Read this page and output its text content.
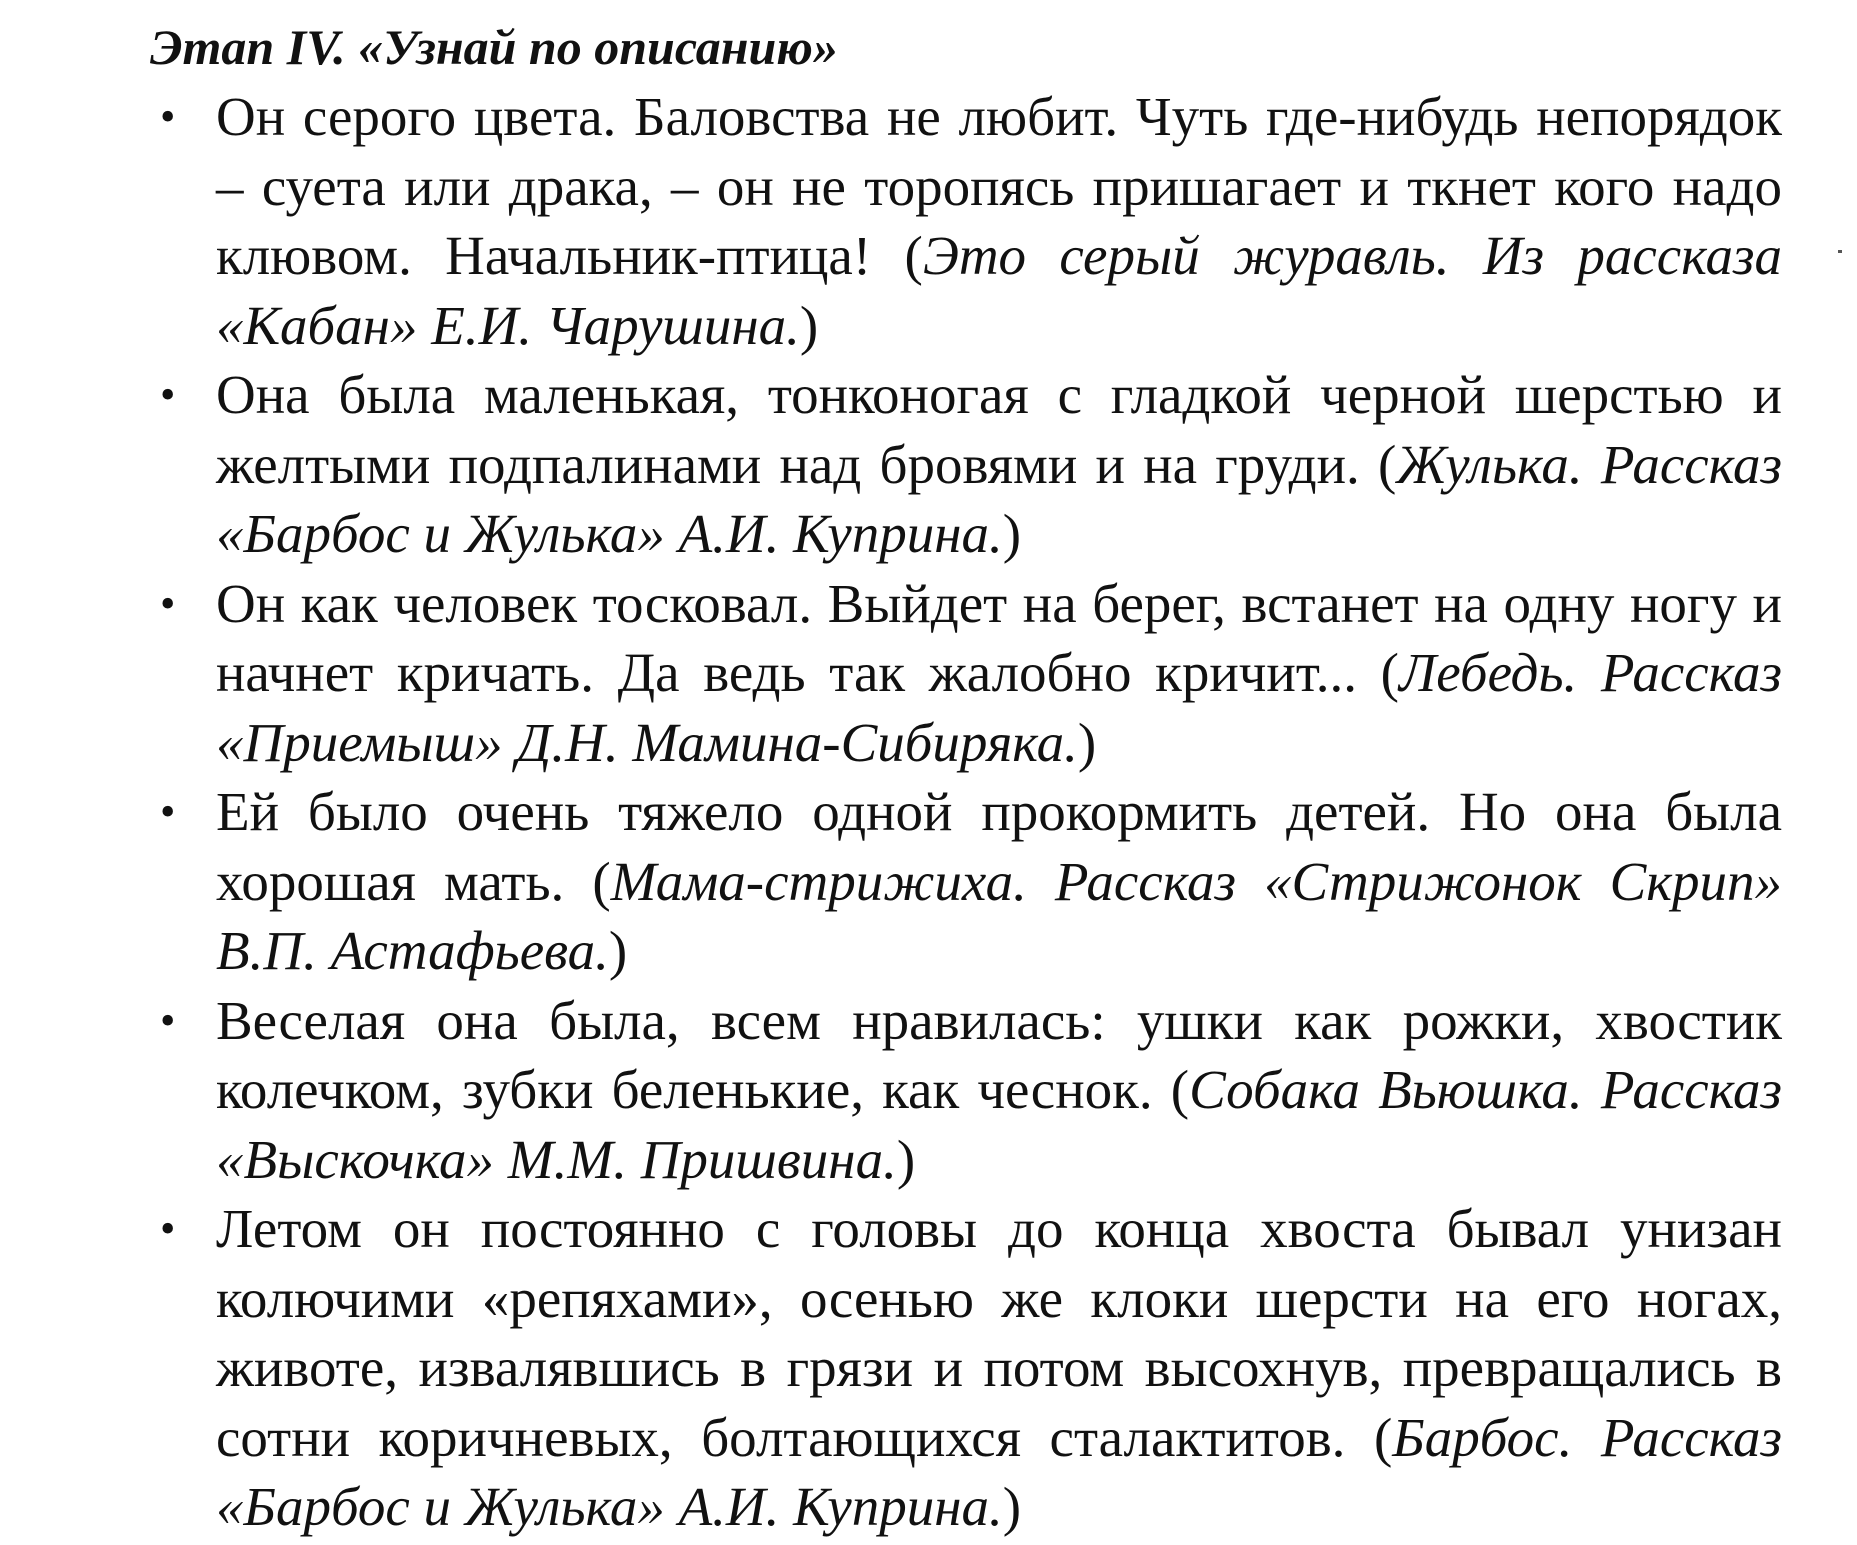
Этап IV. «Узнай по описанию»
• Он серого цвета. Баловства не любит. Чуть где-нибудь непорядок – суета или драка, – он не торопясь пришагает и ткнет кого надо клювом. Начальник-птица! (Это серый журавль. Из рассказа «Кабан» Е.И. Чарушина.)
• Она была маленькая, тонконогая с гладкой черной шерстью и желтыми подпалинами над бровями и на груди. (Жулька. Рассказ «Барбос и Жулька» А.И. Куприна.)
• Он как человек тосковал. Выйдет на берег, встанет на одну ногу и начнет кричать. Да ведь так жалобно кричит... (Лебедь. Рассказ «Приемыш» Д.Н. Мамина-Сибиряка.)
• Ей было очень тяжело одной прокормить детей. Но она была хорошая мать. (Мама-стрижиха. Рассказ «Стрижонок Скрип» В.П. Астафьева.)
• Веселая она была, всем нравилась: ушки как рожки, хвостик колечком, зубки беленькие, как чеснок. (Собака Вьюшка. Рассказ «Выскочка» М.М. Пришвина.)
• Летом он постоянно с головы до конца хвоста бывал унизан колючими «репяхами», осенью же клоки шерсти на его ногах, животе, извалявшись в грязи и потом высохнув, превращались в сотни коричневых, болтающихся сталактитов. (Барбос. Рассказ «Барбос и Жулька» А.И. Куприна.)
